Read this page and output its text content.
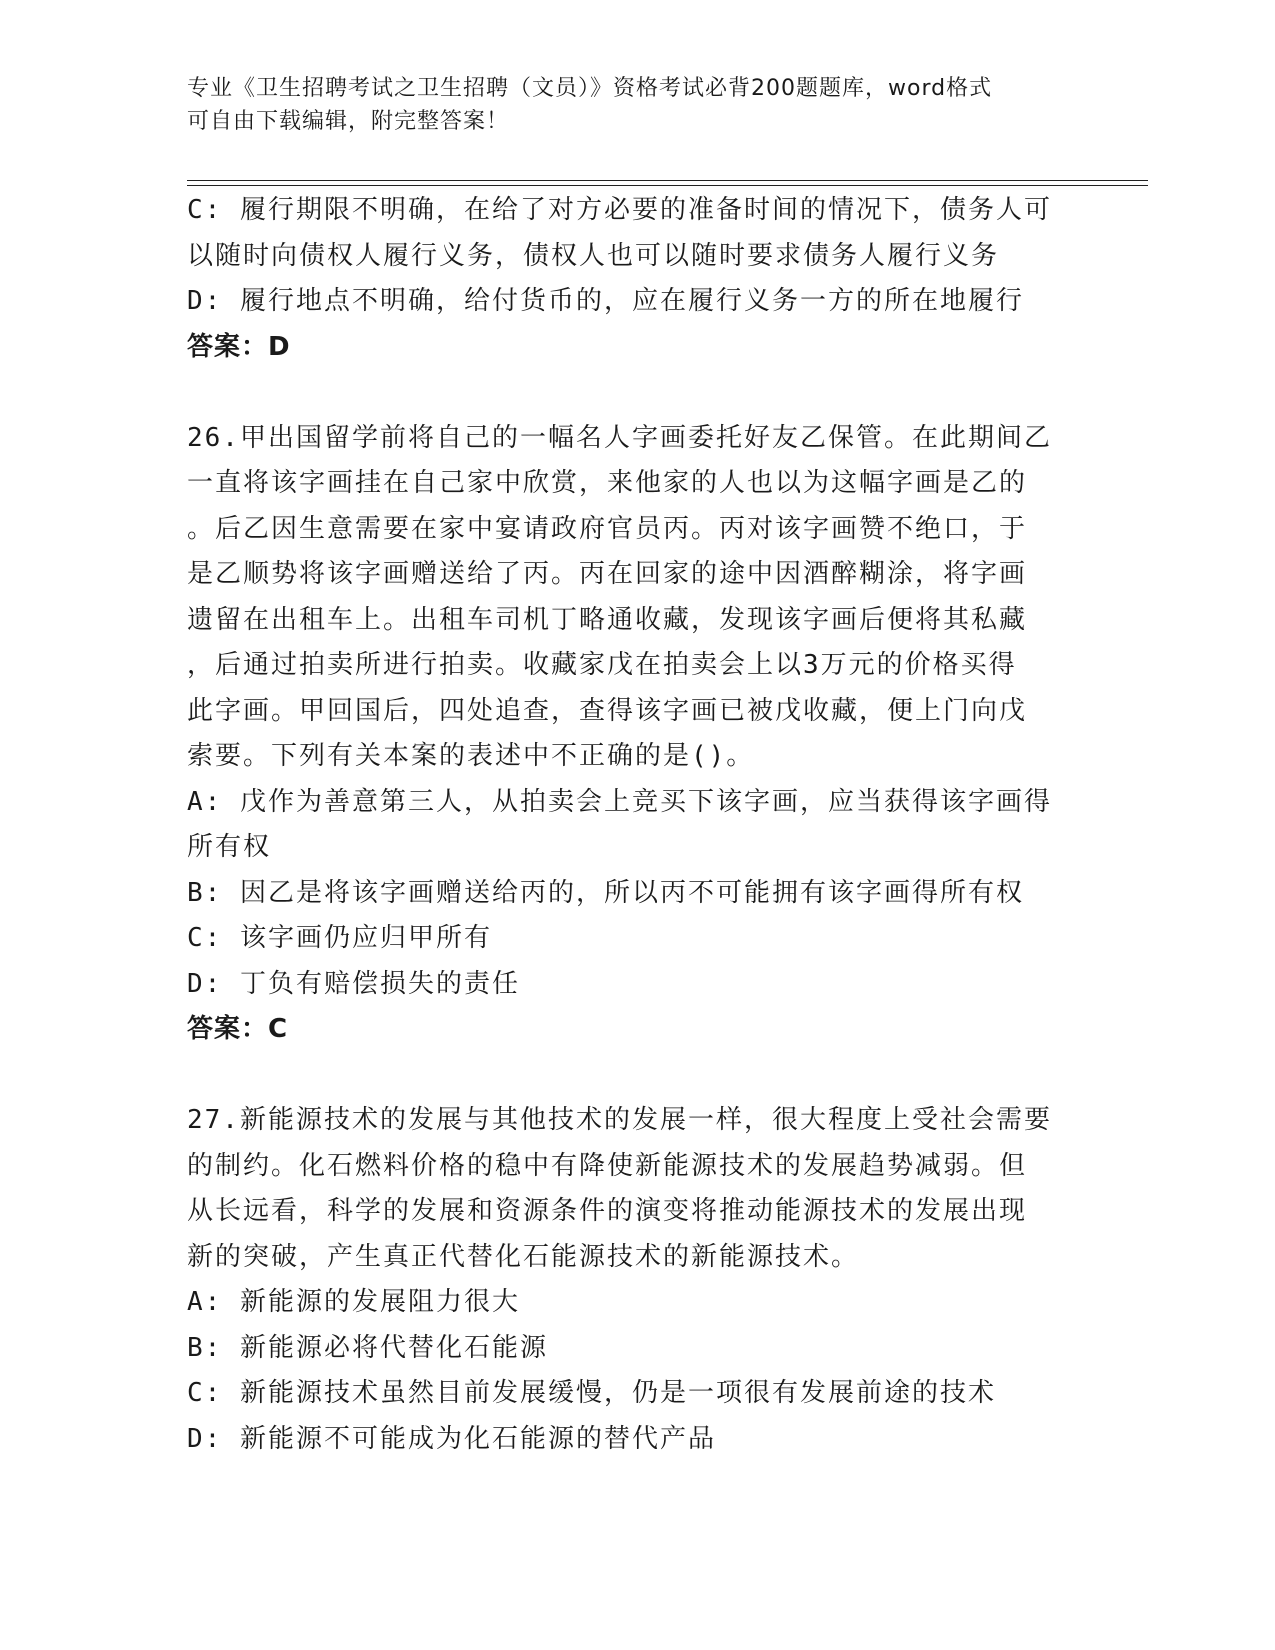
专业《卫生招聘考试之卫生招聘（文员）》资格考试必背200题题库，word格式
可自由下载编辑，附完整答案！
C: 履行期限不明确，在给了对方必要的准备时间的情况下，债务人可
以随时向债权人履行义务，债权人也可以随时要求债务人履行义务
D: 履行地点不明确，给付货币的，应在履行义务一方的所在地履行
答案：D
26.甲出国留学前将自己的一幅名人字画委托好友乙保管。在此期间乙
一直将该字画挂在自己家中欣赏，来他家的人也以为这幅字画是乙的
。后乙因生意需要在家中宴请政府官员丙。丙对该字画赞不绝口，于
是乙顺势将该字画赠送给了丙。丙在回家的途中因酒醉糊涂，将字画
遗留在出租车上。出租车司机丁略通收藏，发现该字画后便将其私藏
，后通过拍卖所进行拍卖。收藏家戊在拍卖会上以3万元的价格买得
此字画。甲回国后，四处追查，查得该字画已被戊收藏，便上门向戊
索要。下列有关本案的表述中不正确的是()。
A: 戊作为善意第三人，从拍卖会上竞买下该字画，应当获得该字画得
所有权
B: 因乙是将该字画赠送给丙的，所以丙不可能拥有该字画得所有权
C: 该字画仍应归甲所有
D: 丁负有赔偿损失的责任
答案：C
27.新能源技术的发展与其他技术的发展一样，很大程度上受社会需要
的制约。化石燃料价格的稳中有降使新能源技术的发展趋势减弱。但
从长远看，科学的发展和资源条件的演变将推动能源技术的发展出现
新的突破，产生真正代替化石能源技术的新能源技术。
A: 新能源的发展阻力很大
B: 新能源必将代替化石能源
C: 新能源技术虽然目前发展缓慢，仍是一项很有发展前途的技术
D: 新能源不可能成为化石能源的替代产品
